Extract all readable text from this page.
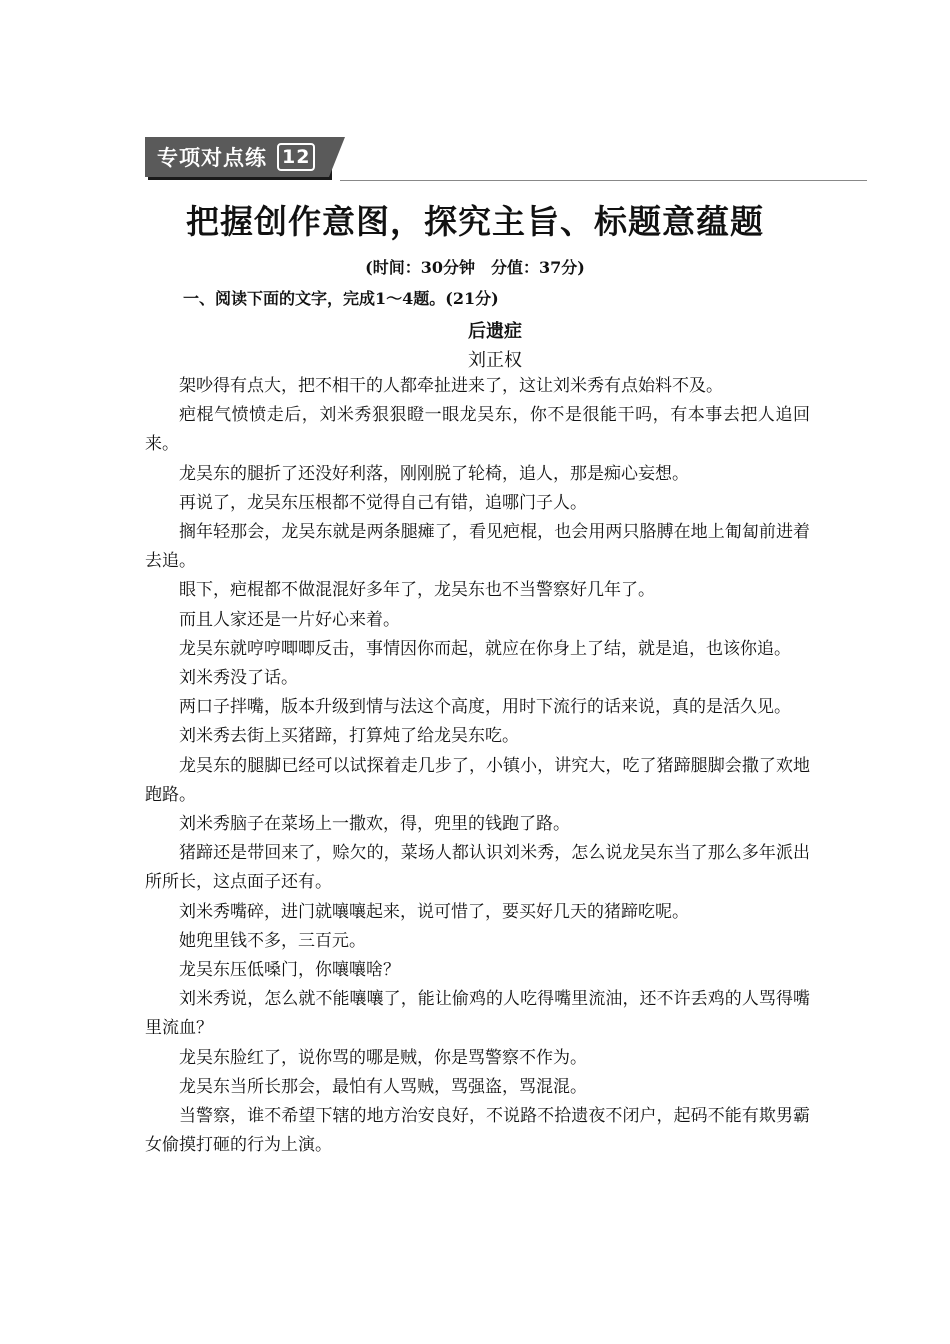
专项对点练 12
把握创作意图，探究主旨、标题意蕴题
(时间：30分钟 分值：37分)
一、阅读下面的文字，完成1～4题。(21分)
后遗症
刘正权

架吵得有点大，把不相干的人都牵扯进来了，这让刘米秀有点始料不及。

疤棍气愤愤走后，刘米秀狠狠瞪一眼龙吴东，你不是很能干吗，有本事去把人追回来。

龙吴东的腿折了还没好利落，刚刚脱了轮椅，追人，那是痴心妄想。

再说了，龙吴东压根都不觉得自己有错，追哪门子人。

搁年轻那会，龙吴东就是两条腿瘫了，看见疤棍，也会用两只胳膊在地上匍匐前进着去追。

眼下，疤棍都不做混混好多年了，龙吴东也不当警察好几年了。

而且人家还是一片好心来着。

龙吴东就哼哼唧唧反击，事情因你而起，就应在你身上了结，就是追，也该你追。

刘米秀没了话。

两口子拌嘴，版本升级到情与法这个高度，用时下流行的话来说，真的是活久见。

刘米秀去街上买猪蹄，打算炖了给龙吴东吃。

龙吴东的腿脚已经可以试探着走几步了，小镇小，讲究大，吃了猪蹄腿脚会撒了欢地跑路。

刘米秀脑子在菜场上一撒欢，得，兜里的钱跑了路。

猪蹄还是带回来了，赊欠的，菜场人都认识刘米秀，怎么说龙吴东当了那么多年派出所所长，这点面子还有。

刘米秀嘴碎，进门就嚷嚷起来，说可惜了，要买好几天的猪蹄吃呢。

她兜里钱不多，三百元。

龙吴东压低嗓门，你嚷嚷啥？

刘米秀说，怎么就不能嚷嚷了，能让偷鸡的人吃得嘴里流油，还不许丢鸡的人骂得嘴里流血？

龙吴东脸红了，说你骂的哪是贼，你是骂警察不作为。

龙吴东当所长那会，最怕有人骂贼，骂强盗，骂混混。

当警察，谁不希望下辖的地方治安良好，不说路不拾遗夜不闭户，起码不能有欺男霸女偷摸打砸的行为上演。
